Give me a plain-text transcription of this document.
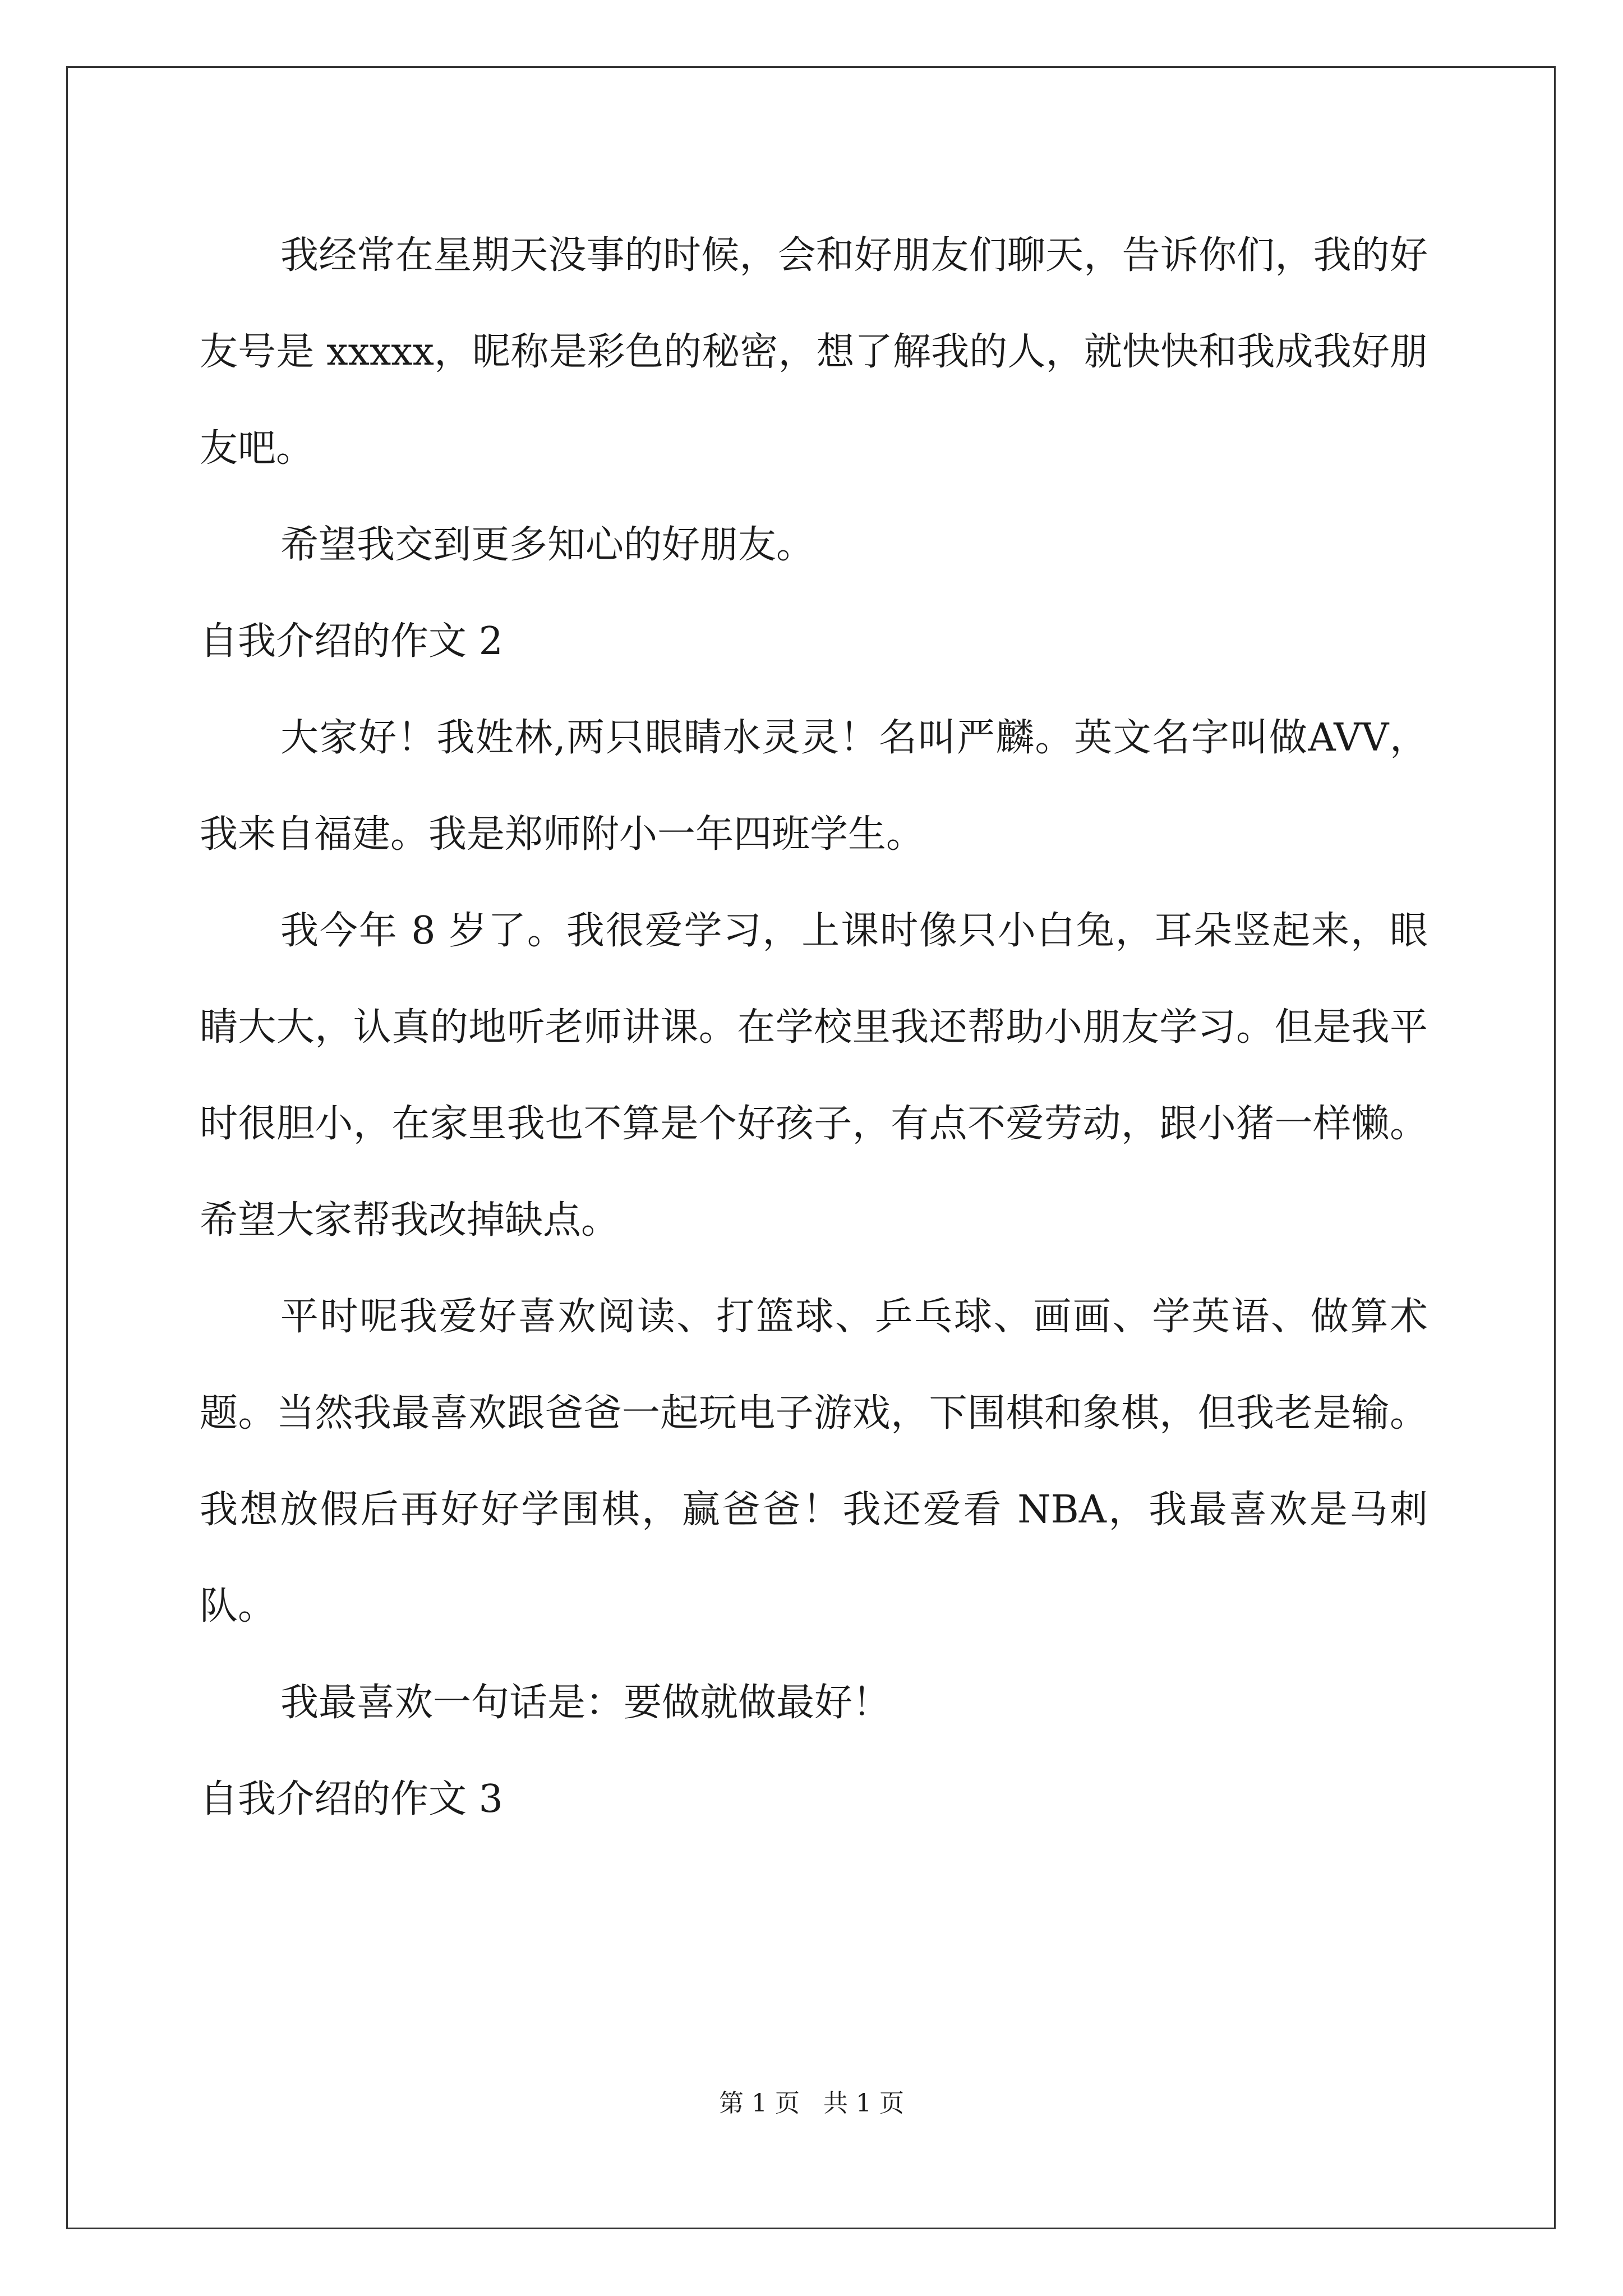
我经常在星期天没事的时候，会和好朋友们聊天，告诉你们，我的好友号是 xxxxx，昵称是彩色的秘密，想了解我的人，就快快和我成我好朋友吧。

希望我交到更多知心的好朋友。

自我介绍的作文 2

大家好！我姓林,两只眼睛水灵灵！名叫严麟。英文名字叫做AVV，我来自福建。我是郑师附小一年四班学生。

我今年 8 岁了。我很爱学习，上课时像只小白兔，耳朵竖起来，眼睛大大，认真的地听老师讲课。在学校里我还帮助小朋友学习。但是我平时很胆小，在家里我也不算是个好孩子，有点不爱劳动，跟小猪一样懒。希望大家帮我改掉缺点。

平时呢我爱好喜欢阅读、打篮球、乒乓球、画画、学英语、做算术题。当然我最喜欢跟爸爸一起玩电子游戏，下围棋和象棋，但我老是输。我想放假后再好好学围棋，赢爸爸！我还爱看 NBA，我最喜欢是马刺队。

我最喜欢一句话是：要做就做最好！

自我介绍的作文 3

第 1 页   共 1 页
